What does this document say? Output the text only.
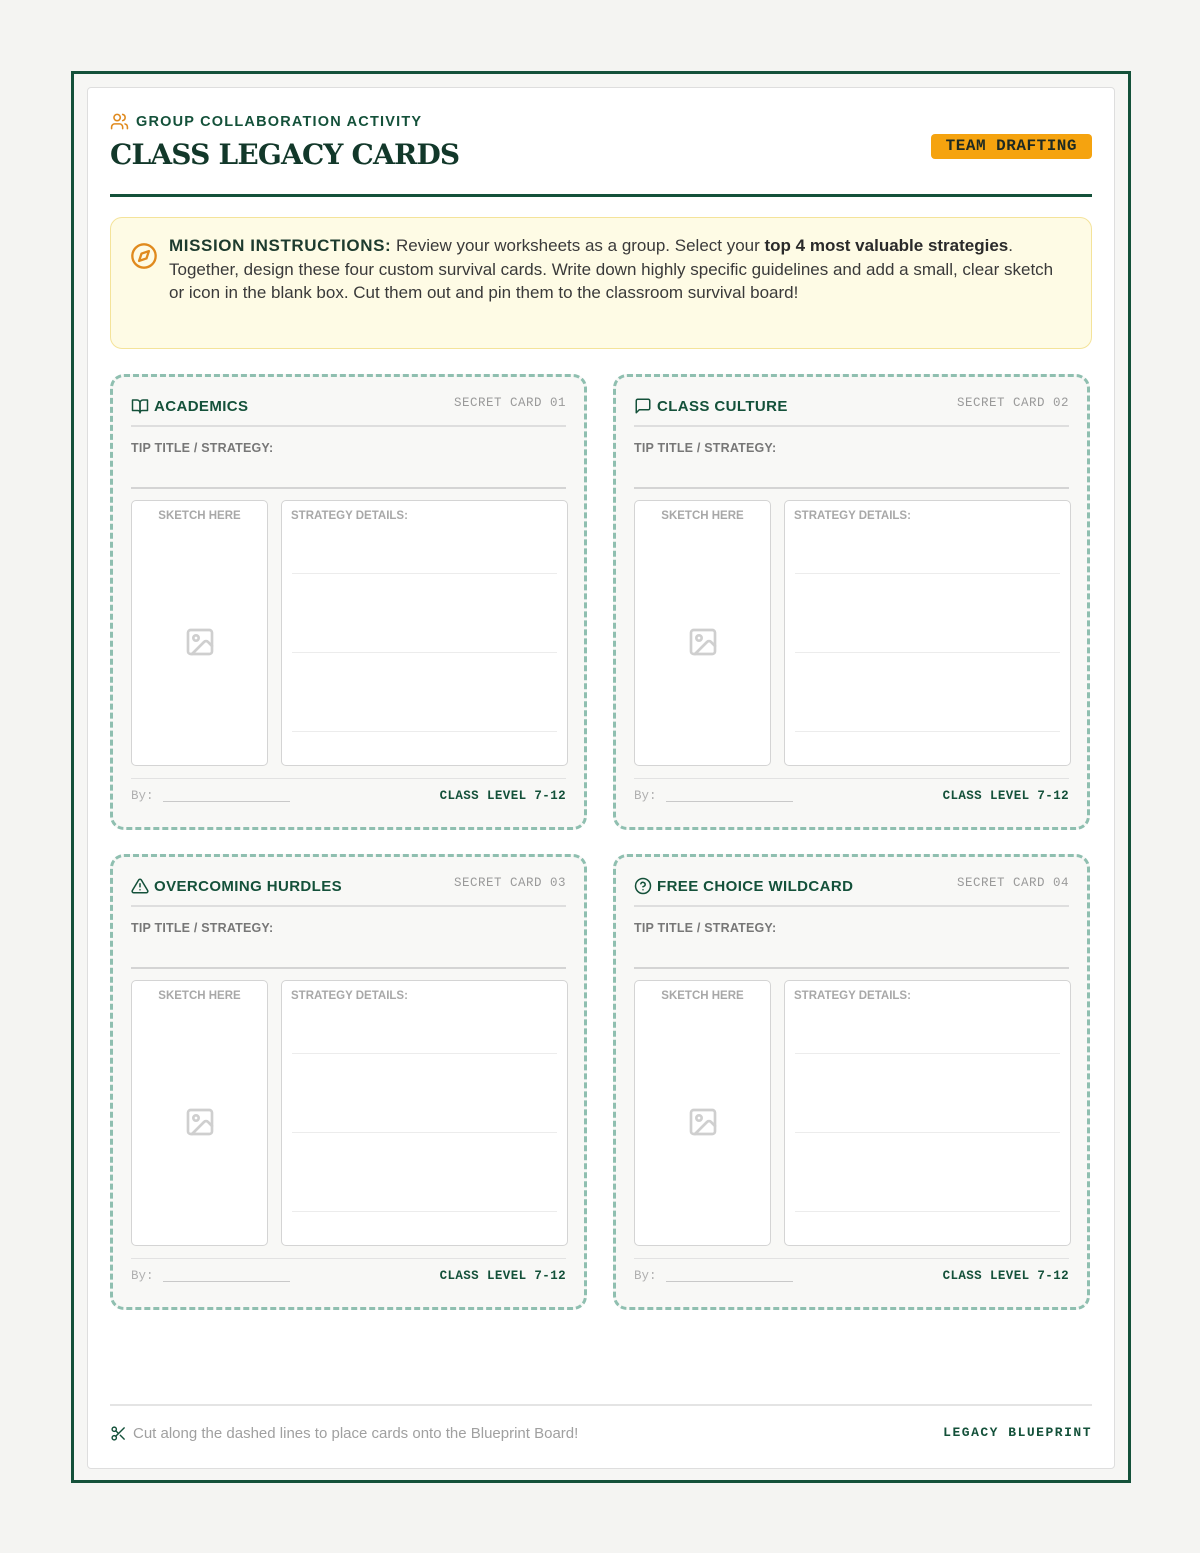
GROUP COLLABORATION ACTIVITY
CLASS LEGACY CARDS	TEAM DRAFTING
MISSION INSTRUCTIONS: Review your worksheets as a group. Select your top 4 most valuable strategies. Together, design these four custom survival cards. Write down highly specific guidelines and add a small, clear sketch or icon in the blank box. Cut them out and pin them to the classroom survival board!
ACADEMICS	SECRET CARD 01
TIP TITLE / STRATEGY:
SKETCH HERE	STRATEGY DETAILS:
By:	CLASS LEVEL 7-12
CLASS CULTURE	SECRET CARD 02
TIP TITLE / STRATEGY:
SKETCH HERE	STRATEGY DETAILS:
By:	CLASS LEVEL 7-12
OVERCOMING HURDLES	SECRET CARD 03
TIP TITLE / STRATEGY:
SKETCH HERE	STRATEGY DETAILS:
By:	CLASS LEVEL 7-12
FREE CHOICE WILDCARD	SECRET CARD 04
TIP TITLE / STRATEGY:
SKETCH HERE	STRATEGY DETAILS:
By:	CLASS LEVEL 7-12
Cut along the dashed lines to place cards onto the Blueprint Board!	LEGACY BLUEPRINT
